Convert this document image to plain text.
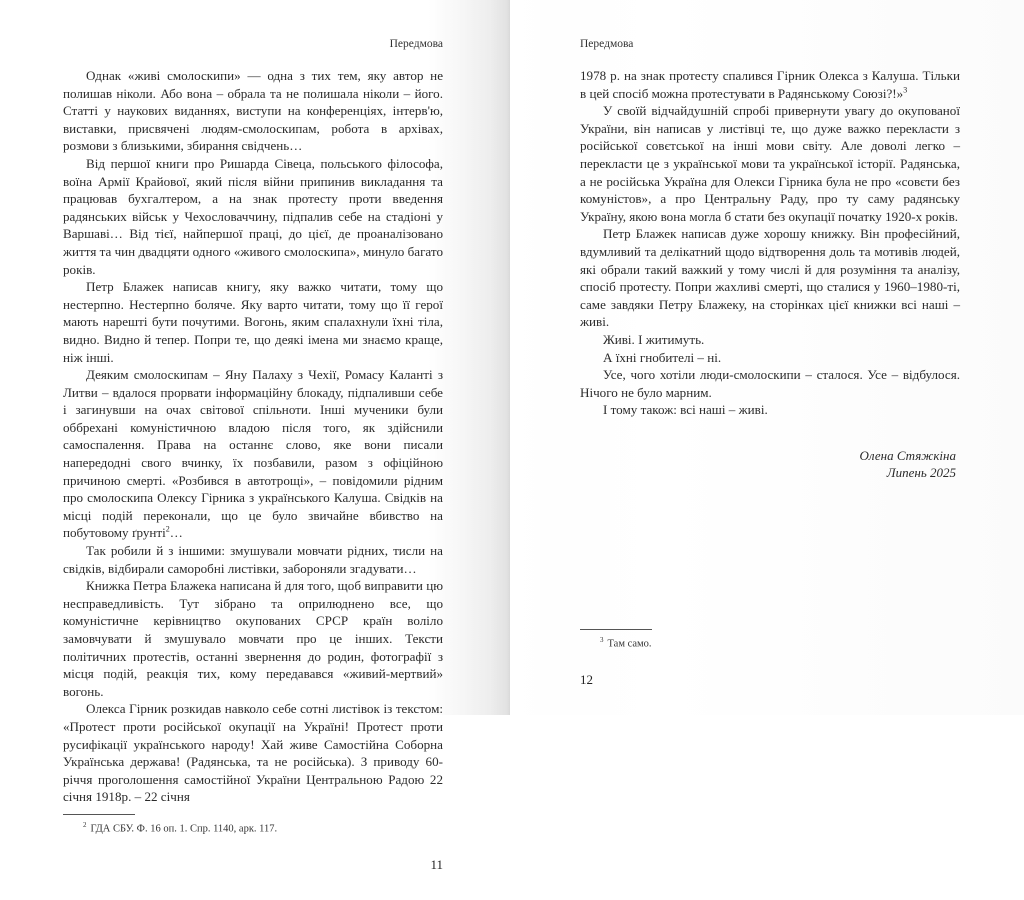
Передмова

Однак «живі смолоскипи» — одна з тих тем, яку автор не полишав ніколи. Або вона – обрала та не полишала ніколи – його. Статті у наукових виданнях, виступи на конференціях, інтерв'ю, виставки, присвячені людям-смолоскипам, робота в архівах, розмови з близькими, збирання свідчень…

Від першої книги про Ришарда Сівеца, польського філософа, воїна Армії Крайової, який після війни припинив викладання та працював бухгалтером, а на знак протесту проти введення радянських військ у Чехословаччину, підпалив себе на стадіоні у Варшаві… Від тієї, найпершої праці, до цієї, де проаналізовано життя та чин двадцяти одного «живого смолоскипа», минуло багато років.

Петр Блажек написав книгу, яку важко читати, тому що нестерпно. Нестерпно боляче. Яку варто читати, тому що її герої мають нарешті бути почутими. Вогонь, яким спалахнули їхні тіла, видно. Видно й тепер. Попри те, що деякі імена ми знаємо краще, ніж інші.

Деяким смолоскипам – Яну Палаху з Чехії, Ромасу Каланті з Литви – вдалося прорвати інформаційну блокаду, підпаливши себе і загинувши на очах світової спільноти. Інші мученики були оббрехані комуністичною владою після того, як здійснили самоспалення. Права на останнє слово, яке вони писали напередодні свого вчинку, їх позбавили, разом з офіційною причиною смерті. «Розбився в автотрощі», – повідомили рідним про смолоскипа Олексу Гірника з українського Калуша. Свідків на місці подій переконали, що це було звичайне вбивство на побутовому ґрунті$^2$…

Так робили й з іншими: змушували мовчати рідних, тисли на свідків, відбирали саморобні листівки, забороняли згадувати…

Книжка Петра Блажека написана й для того, щоб виправити цю несправедливість. Тут зібрано та оприлюднено все, що комуністичне керівництво окупованих СРСР країн воліло замовчувати й змушувало мовчати про це інших. Тексти політичних протестів, останні звернення до родин, фотографії з місця подій, реакція тих, кому передавався «живий-мертвий» вогонь.

Олекса Гірник розкидав навколо себе сотні листівок із текстом: «Протест проти російської окупації на Україні! Протест проти русифікації українського народу! Хай живе Самостійна Соборна Українська держава! (Радянська, та не російська). З приводу 60-річчя проголошення самостійної України Центральною Радою 22 січня 1918р. – 22 січня

$^2$ ГДА СБУ. Ф. 16 оп. 1. Спр. 1140, арк. 117.
11
Передмова

1978 р. на знак протесту спалився Гірник Олекса з Калуша. Тільки в цей спосіб можна протестувати в Радянському Союзі?!»$^3$

У своїй відчайдушній спробі привернути увагу до окупованої України, він написав у листівці те, що дуже важко перекласти з російської совєтської на інші мови світу. Але доволі легко – перекласти це з української мови та української історії. Радянська, а не російська Україна для Олекси Гірника була не про «совєти без комуністов», а про Центральну Раду, про ту саму радянську Україну, якою вона могла б стати без окупації початку 1920-х років.

Петр Блажек написав дуже хорошу книжку. Він професійний, вдумливий та делікатний щодо відтворення доль та мотивів людей, які обрали такий важкий у тому числі й для розуміння та аналізу, спосіб протесту. Попри жахливі смерті, що сталися у 1960–1980-ті, саме завдяки Петру Блажеку, на сторінках цієї книжки всі наші – живі.

Живі. І житимуть.

А їхні гнобителі – ні.

Усе, чого хотіли люди-смолоскипи – сталося. Усе – відбулося. Нічого не було марним.

І тому також: всі наші – живі.

Олена Стяжкіна
Липень 2025
$^3$ Там само.
12
